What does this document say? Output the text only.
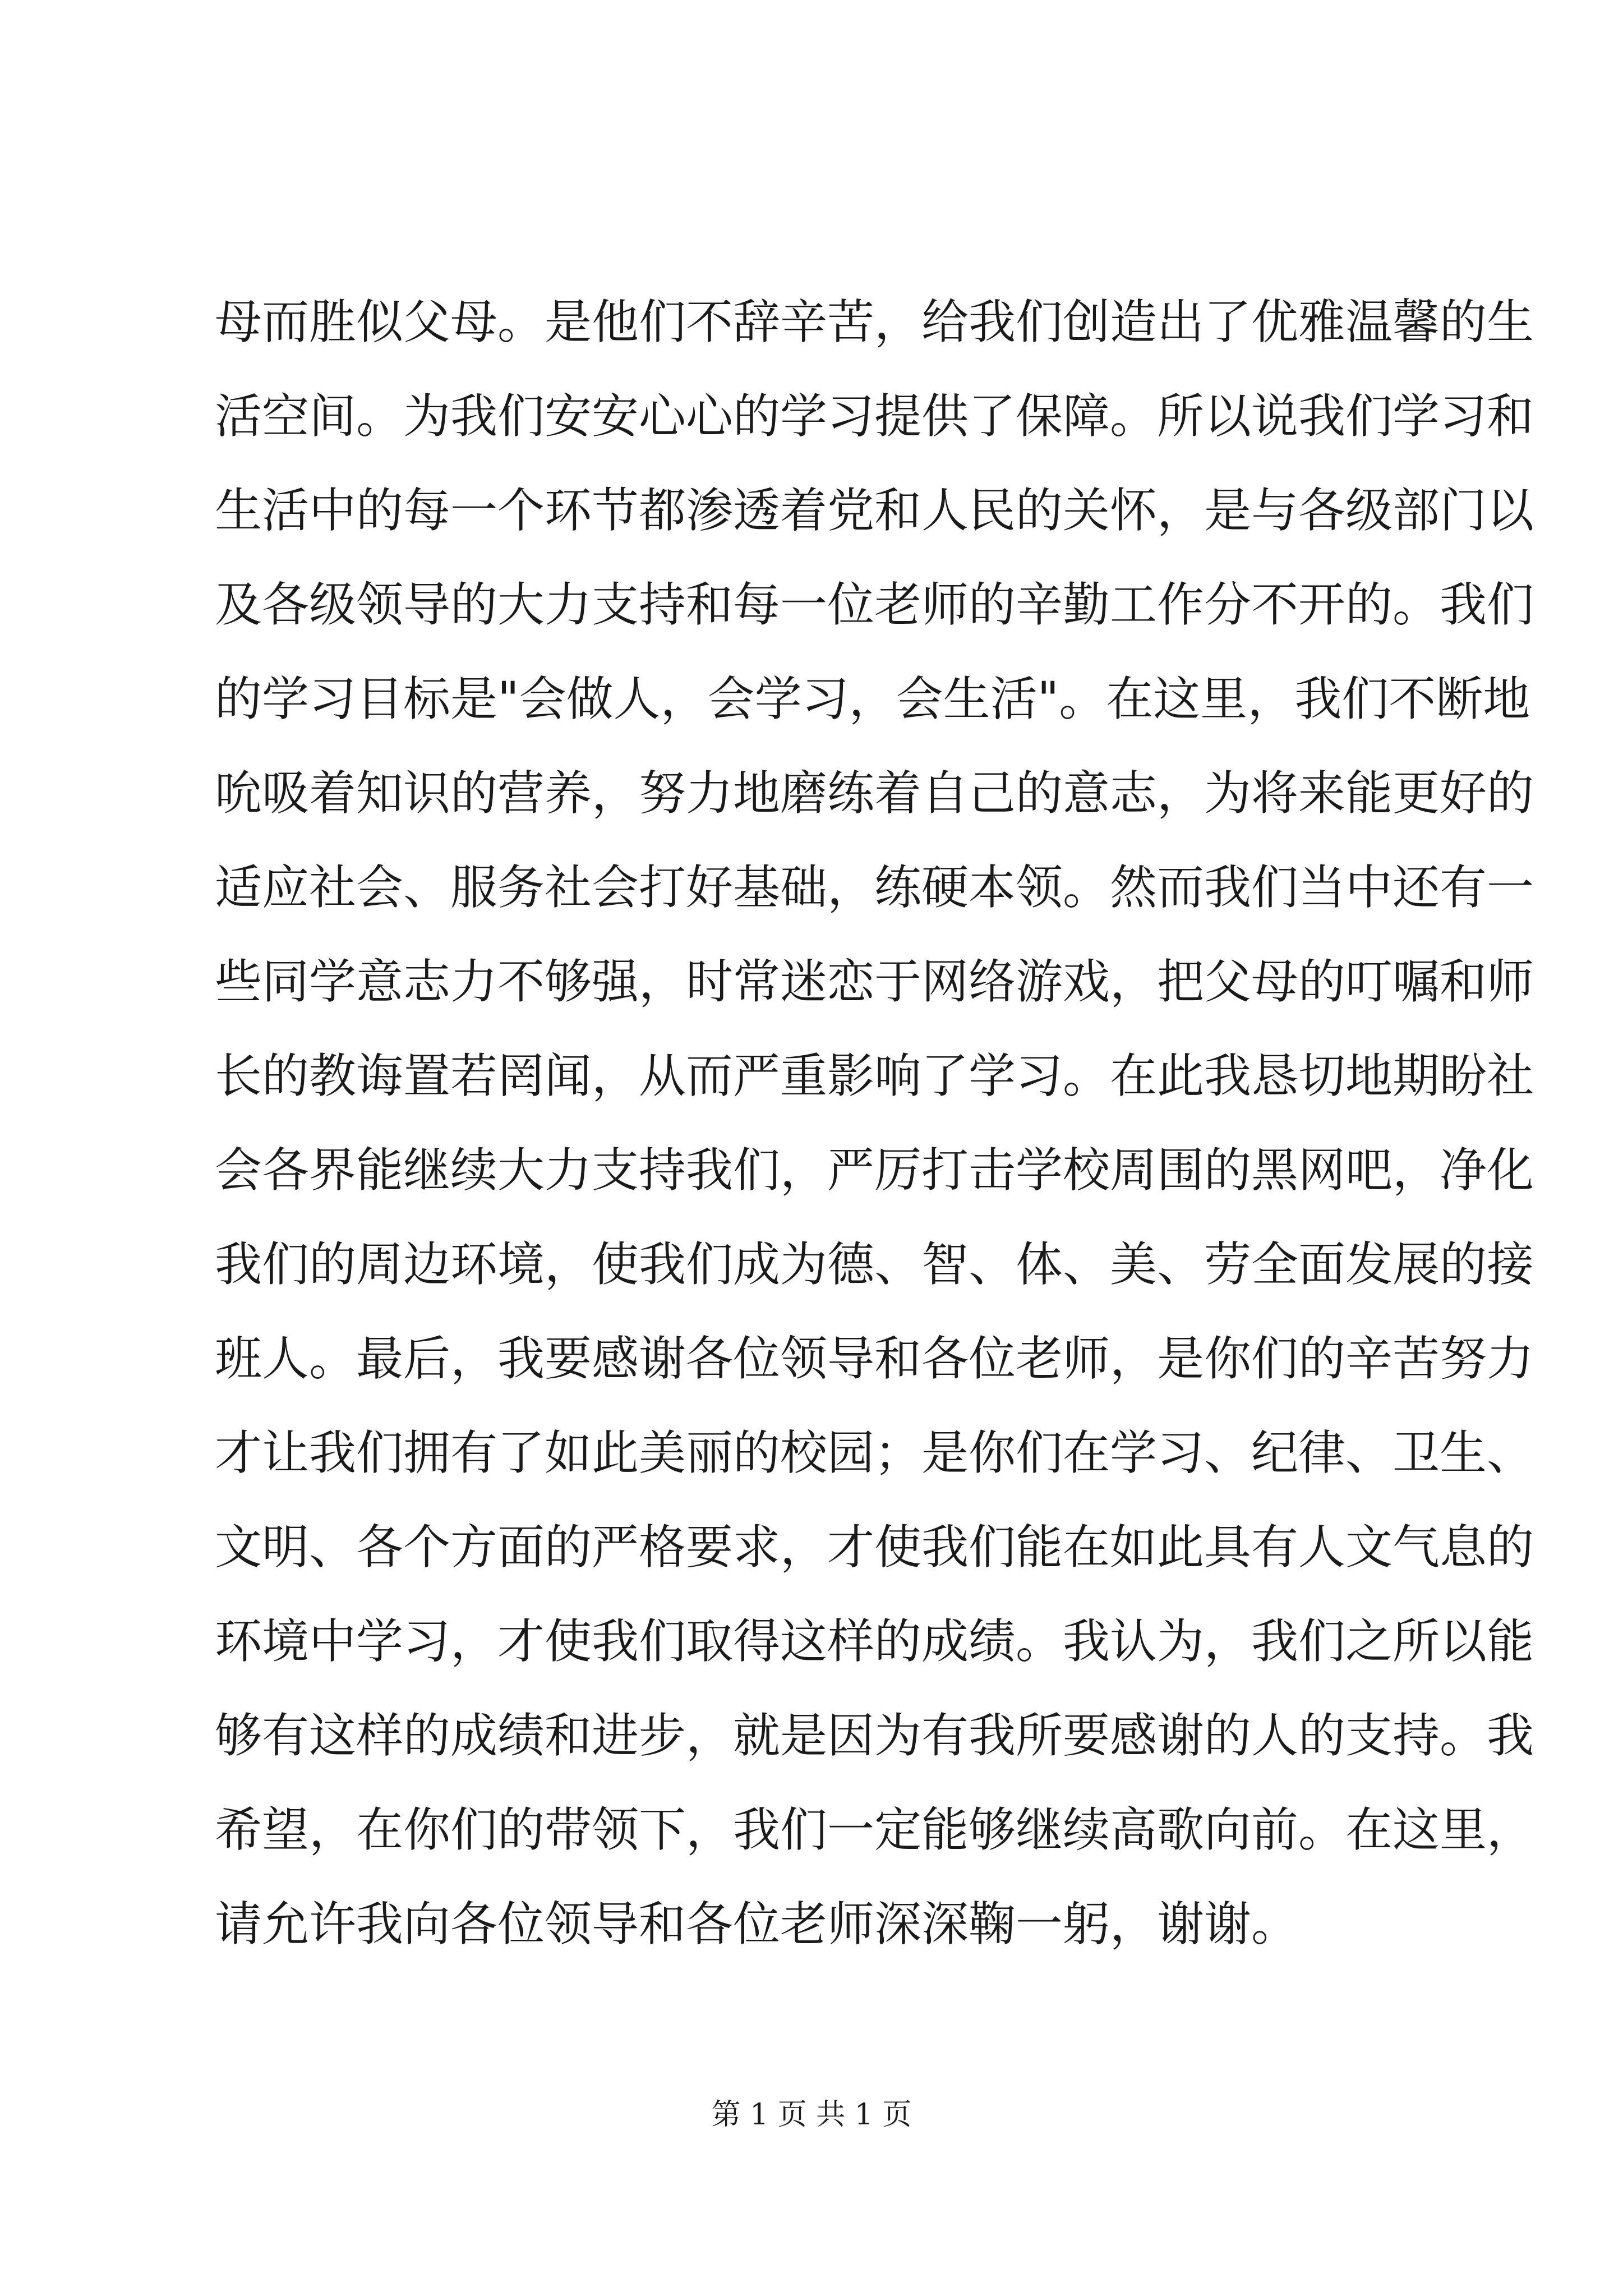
母而胜似父母。是他们不辞辛苦，给我们创造出了优雅温馨的生
活空间。为我们安安心心的学习提供了保障。所以说我们学习和
生活中的每一个环节都渗透着党和人民的关怀，是与各级部门以
及各级领导的大力支持和每一位老师的辛勤工作分不开的。我们
的学习目标是"会做人，会学习，会生活"。在这里，我们不断地
吮吸着知识的营养，努力地磨练着自己的意志，为将来能更好的
适应社会、服务社会打好基础，练硬本领。然而我们当中还有一
些同学意志力不够强，时常迷恋于网络游戏，把父母的叮嘱和师
长的教诲置若罔闻，从而严重影响了学习。在此我恳切地期盼社
会各界能继续大力支持我们，严厉打击学校周围的黑网吧，净化
我们的周边环境，使我们成为德、智、体、美、劳全面发展的接
班人。最后，我要感谢各位领导和各位老师，是你们的辛苦努力
才让我们拥有了如此美丽的校园；是你们在学习、纪律、卫生、
文明、各个方面的严格要求，才使我们能在如此具有人文气息的
环境中学习，才使我们取得这样的成绩。我认为，我们之所以能
够有这样的成绩和进步，就是因为有我所要感谢的人的支持。我
希望，在你们的带领下，我们一定能够继续高歌向前。在这里，
请允许我向各位领导和各位老师深深鞠一躬，谢谢。
第 1 页 共 1 页
